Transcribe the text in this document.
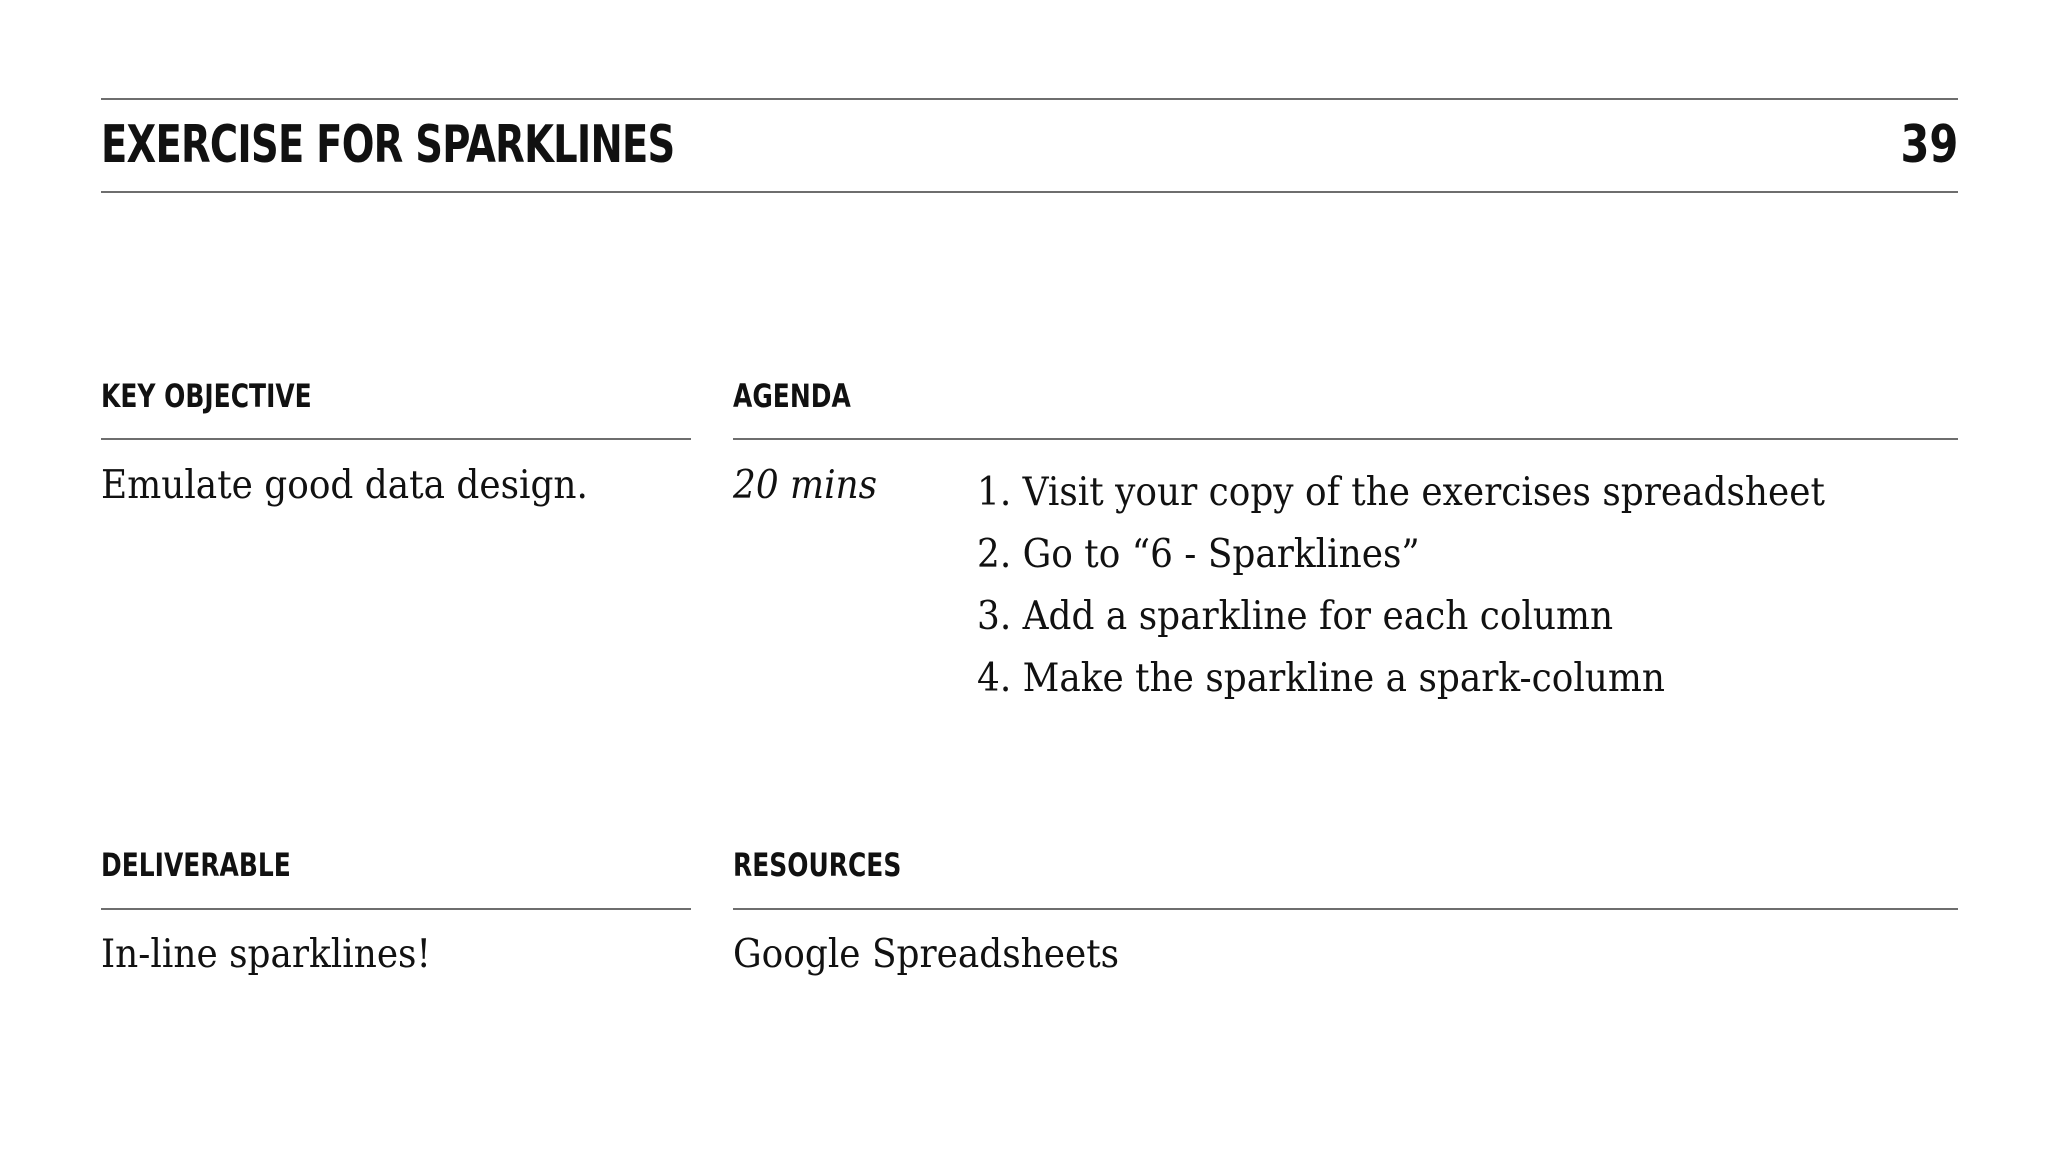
EXERCISE FOR SPARKLINES	39
KEY OBJECTIVE
Emulate good data design.
AGENDA
20 mins	1. Visit your copy of the exercises spreadsheet
2. Go to “6 - Sparklines”
3. Add a sparkline for each column
4. Make the sparkline a spark-column
DELIVERABLE
In-line sparklines!
RESOURCES
Google Spreadsheets
